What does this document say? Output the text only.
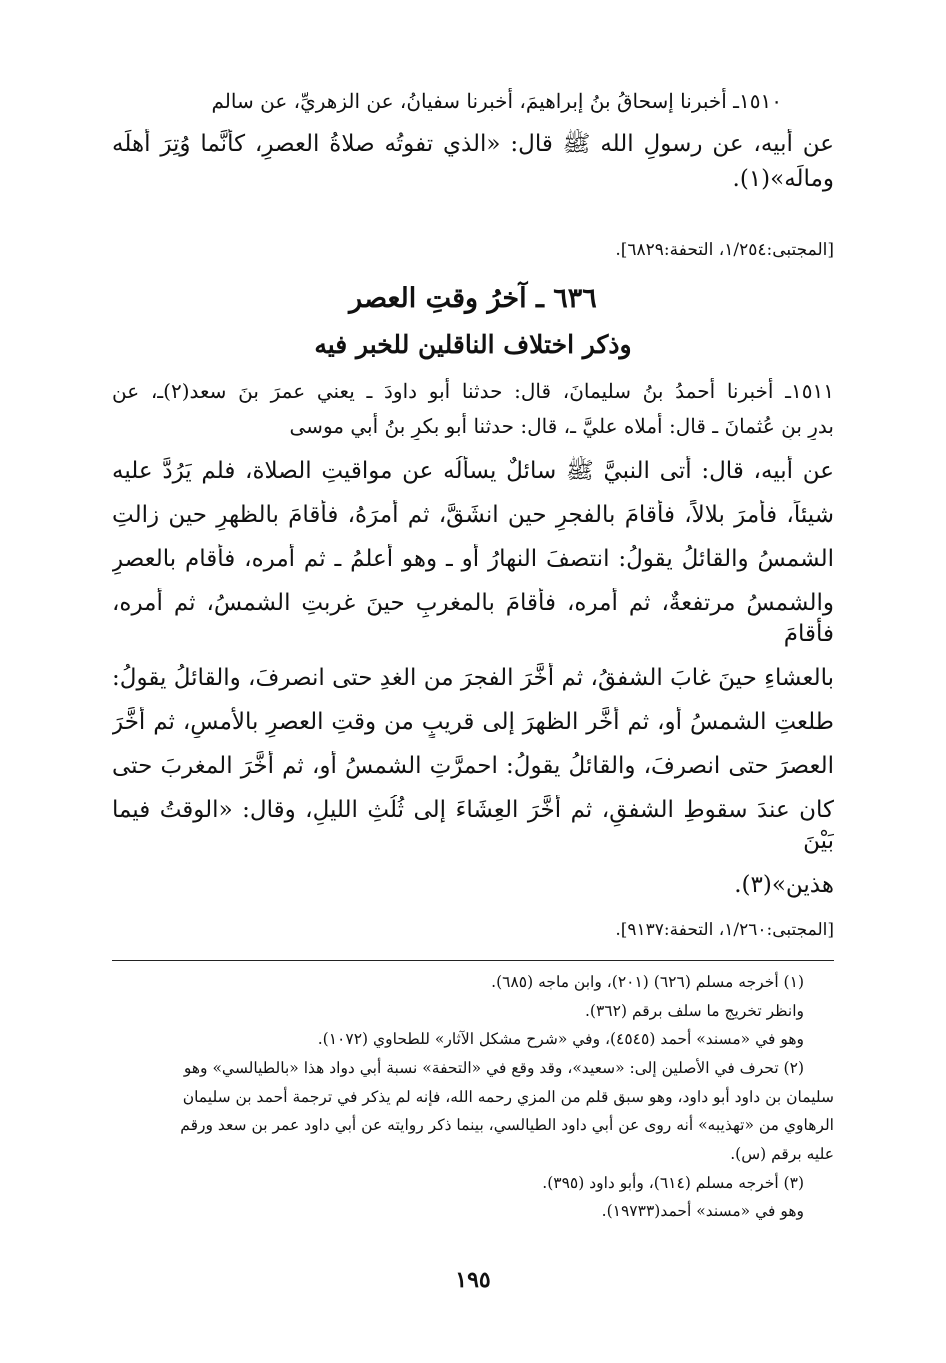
١٥١٠ـ أخبرنا إسحاقُ بنُ إبراهيمَ، أخبرنا سفيانُ، عن الزهريِّ، عن سالم
عن أبيه، عن رسولِ الله ﷺ قال: «الذي تفوتُه صلاةُ العصرِ، كأنَّما وُتِرَ أهلَه
ومالَه»(١).
[المجتبى:١/٢٥٤، التحفة:٦٨٢٩].
٦٣٦ ـ آخرُ وقتِ العصر
وذكر اختلاف الناقلين للخبر فيه
١٥١١ـ أخبرنا أحمدُ بنُ سليمانَ، قال: حدثنا أبو داودَ ـ يعني عمرَ بنَ سعد(٢)ـ، عن
بدرِ بنِ عُثمانَ ـ قال: أملاه عليَّ ـ، قال: حدثنا أبو بكرِ بنُ أبي موسى
عن أبيه، قال: أتى النبيَّ ﷺ سائلٌ يسألُه عن مواقيتِ الصلاة، فلم يَرُدَّ عليه
شيئاً، فأمرَ بلالاً، فأقامَ بالفجرِ حين انشَقَّ، ثم أمرَهُ، فأقامَ بالظهرِ حين زالتِ
الشمسُ والقائلُ يقولُ: انتصفَ النهارُ أو ـ وهو أعلمُ ـ ثم أمره، فأقام بالعصرِ
والشمسُ مرتفعةٌ، ثم أمره، فأقامَ بالمغربِ حينَ غربتِ الشمسُ، ثم أمره، فأقامَ
بالعشاءِ حينَ غابَ الشفقُ، ثم أخَّرَ الفجرَ من الغدِ حتى انصرفَ، والقائلُ يقولُ:
طلعتِ الشمسُ أو، ثم أخَّر الظهرَ إلى قريبٍ من وقتِ العصرِ بالأمسِ، ثم أخَّرَ
العصرَ حتى انصرفَ، والقائلُ يقولُ: احمرَّتِ الشمسُ أو، ثم أخَّرَ المغربَ حتى
كان عندَ سقوطِ الشفقِ، ثم أخَّرَ العِشَاءَ إلى ثُلُثِ الليلِ، وقال: «الوقتُ فيما بَيْنَ
هذين»(٣).
[المجتبى:١/٢٦٠، التحفة:٩١٣٧].
(١) أخرجه مسلم (٦٢٦) (٢٠١)، وابن ماجه (٦٨٥).
وانظر تخريج ما سلف برقم (٣٦٢).
وهو في «مسند» أحمد (٤٥٤٥)، وفي «شرح مشكل الآثار» للطحاوي (١٠٧٢).
(٢) تحرف في الأصلين إلى: «سعيد»، وقد وقع في «التحفة» نسبة أبي دواد هذا «بالطيالسي» وهو
سليمان بن داود أبو داود، وهو سبق قلم من المزي رحمه الله، فإنه لم يذكر في ترجمة أحمد بن سليمان
الرهاوي من «تهذيبه» أنه روى عن أبي داود الطيالسي، بينما ذكر روايته عن أبي داود عمر بن سعد ورقم
عليه برقم (س).
(٣) أخرجه مسلم (٦١٤)، وأبو داود (٣٩٥).
وهو في «مسند» أحمد(١٩٧٣٣).
١٩٥
